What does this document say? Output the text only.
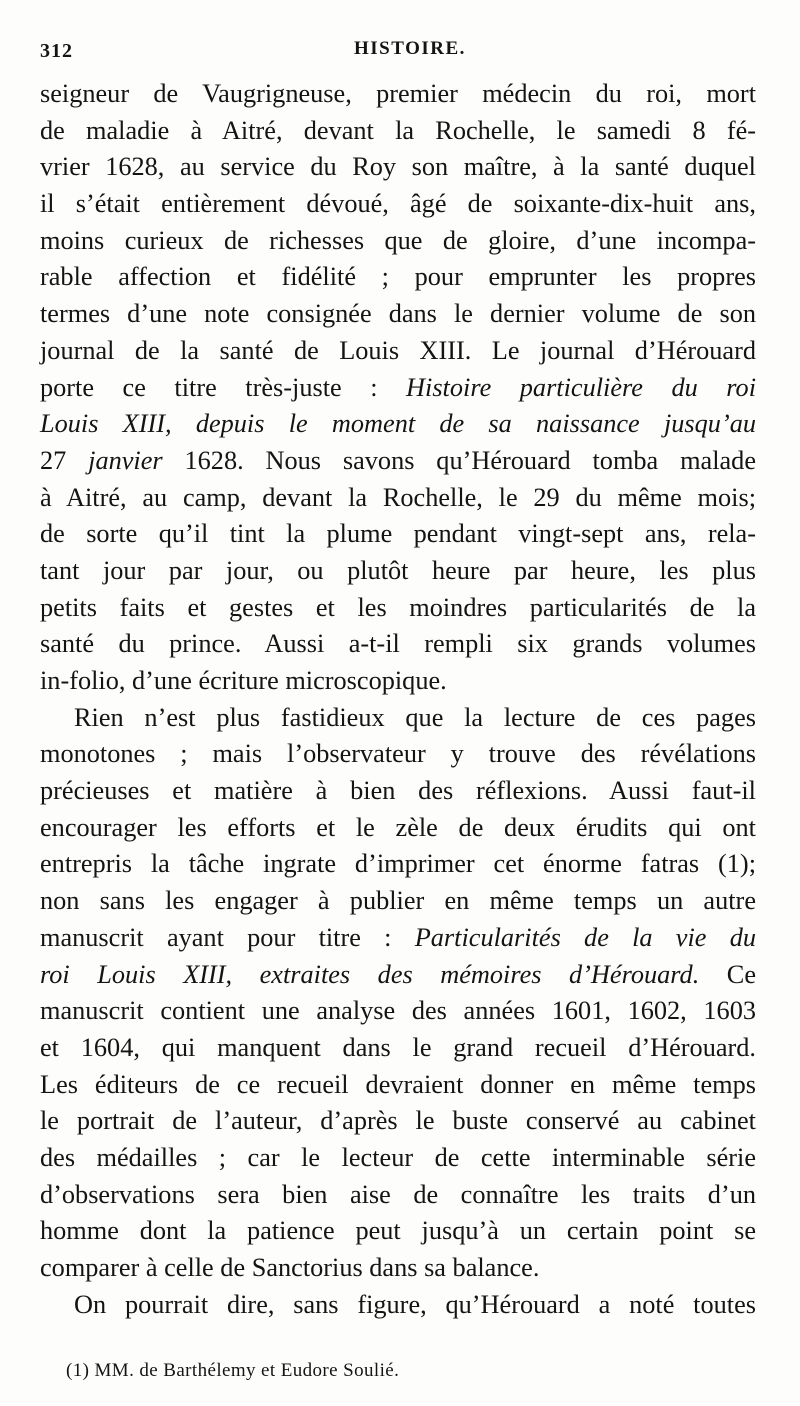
312	HISTOIRE.
seigneur de Vaugrigneuse, premier médecin du roi, mort
de maladie à Aitré, devant la Rochelle, le samedi 8 fé-
vrier 1628, au service du Roy son maître, à la santé duquel
il s’était entièrement dévoué, âgé de soixante-dix-huit ans,
moins curieux de richesses que de gloire, d’une incompa-
rable affection et fidélité ; pour emprunter les propres
termes d’une note consignée dans le dernier volume de son
journal de la santé de Louis XIII. Le journal d’Hérouard
porte ce titre très-juste : Histoire particulière du roi
Louis XIII, depuis le moment de sa naissance jusqu’au
27 janvier 1628. Nous savons qu’Hérouard tomba malade
à Aitré, au camp, devant la Rochelle, le 29 du même mois;
de sorte qu’il tint la plume pendant vingt-sept ans, rela-
tant jour par jour, ou plutôt heure par heure, les plus
petits faits et gestes et les moindres particularités de la
santé du prince. Aussi a-t-il rempli six grands volumes
in-folio, d’une écriture microscopique.
Rien n’est plus fastidieux que la lecture de ces pages
monotones ; mais l’observateur y trouve des révélations
précieuses et matière à bien des réflexions. Aussi faut-il
encourager les efforts et le zèle de deux érudits qui ont
entrepris la tâche ingrate d’imprimer cet énorme fatras (1);
non sans les engager à publier en même temps un autre
manuscrit ayant pour titre : Particularités de la vie du
roi Louis XIII, extraites des mémoires d’Hérouard. Ce
manuscrit contient une analyse des années 1601, 1602, 1603
et 1604, qui manquent dans le grand recueil d’Hérouard.
Les éditeurs de ce recueil devraient donner en même temps
le portrait de l’auteur, d’après le buste conservé au cabinet
des médailles ; car le lecteur de cette interminable série
d’observations sera bien aise de connaître les traits d’un
homme dont la patience peut jusqu’à un certain point se
comparer à celle de Sanctorius dans sa balance.
On pourrait dire, sans figure, qu’Hérouard a noté toutes
(1) MM. de Barthélemy et Eudore Soulié.
